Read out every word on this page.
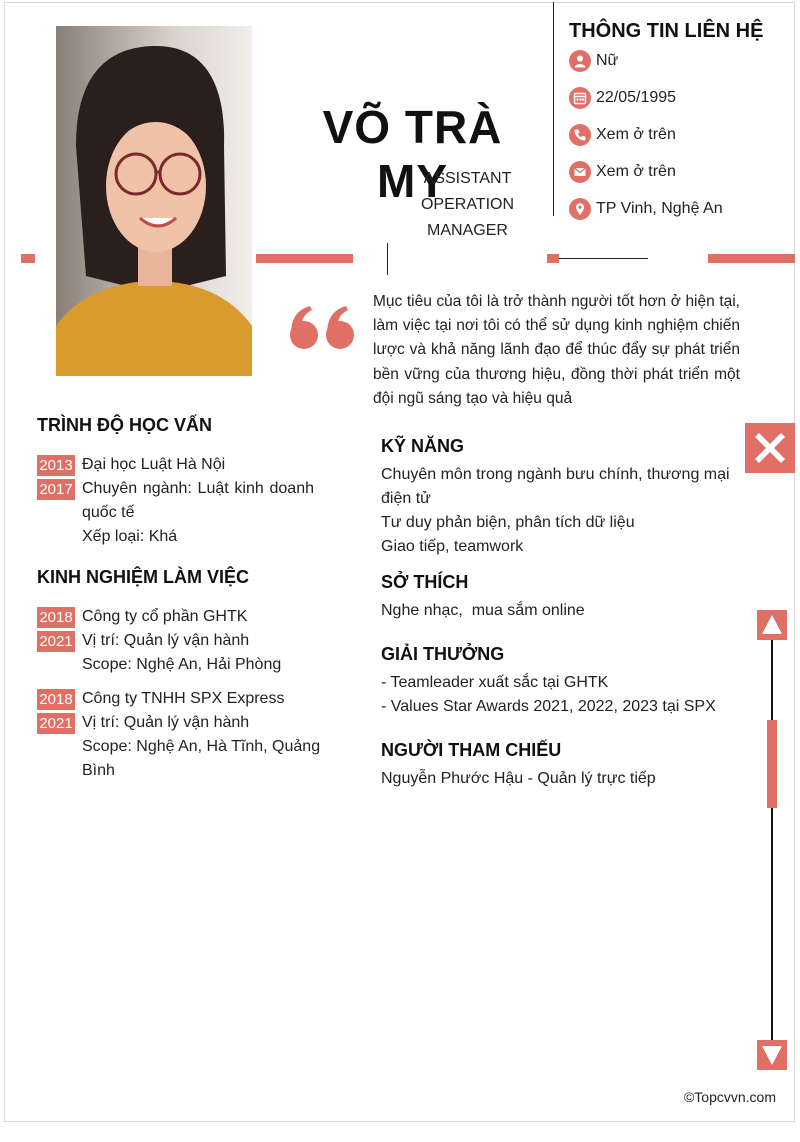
VÕ TRÀ MY
ASSISTANT
OPERATION
MANAGER
THÔNG TIN LIÊN HỆ
Nữ
22/05/1995
Xem ở trên
Xem ở trên
TP Vinh, Nghệ An
Mục tiêu của tôi là trở thành người tốt hơn ở hiện tại, làm việc tại nơi tôi có thể sử dụng kinh nghiệm chiến lược và khả năng lãnh đạo để thúc đẩy sự phát triển bền vững của thương hiệu, đồng thời phát triển một đội ngũ sáng tạo và hiệu quả
TRÌNH ĐỘ HỌC VẤN
2013
2017
Đại học Luật Hà Nội
Chuyên ngành: Luật kinh doanh quốc tế
Xếp loại: Khá
KINH NGHIỆM LÀM VIỆC
2018
2021
Công ty cổ phần GHTK
Vị trí: Quản lý vận hành
Scope: Nghệ An, Hải Phòng
2018
2021
Công ty TNHH SPX Express
Vị trí: Quản lý vận hành
Scope: Nghệ An, Hà Tĩnh, Quảng Bình
KỸ NĂNG
Chuyên môn trong ngành bưu chính, thương mại điện tử
Tư duy phản biện, phân tích dữ liệu
Giao tiếp, teamwork
SỞ THÍCH
Nghe nhạc,  mua sắm online
GIẢI THƯỞNG
- Teamleader xuất sắc tại GHTK
- Values Star Awards 2021, 2022, 2023 tại SPX
NGƯỜI THAM CHIẾU
Nguyễn Phước Hậu - Quản lý trực tiếp
©Topcvvn.com
